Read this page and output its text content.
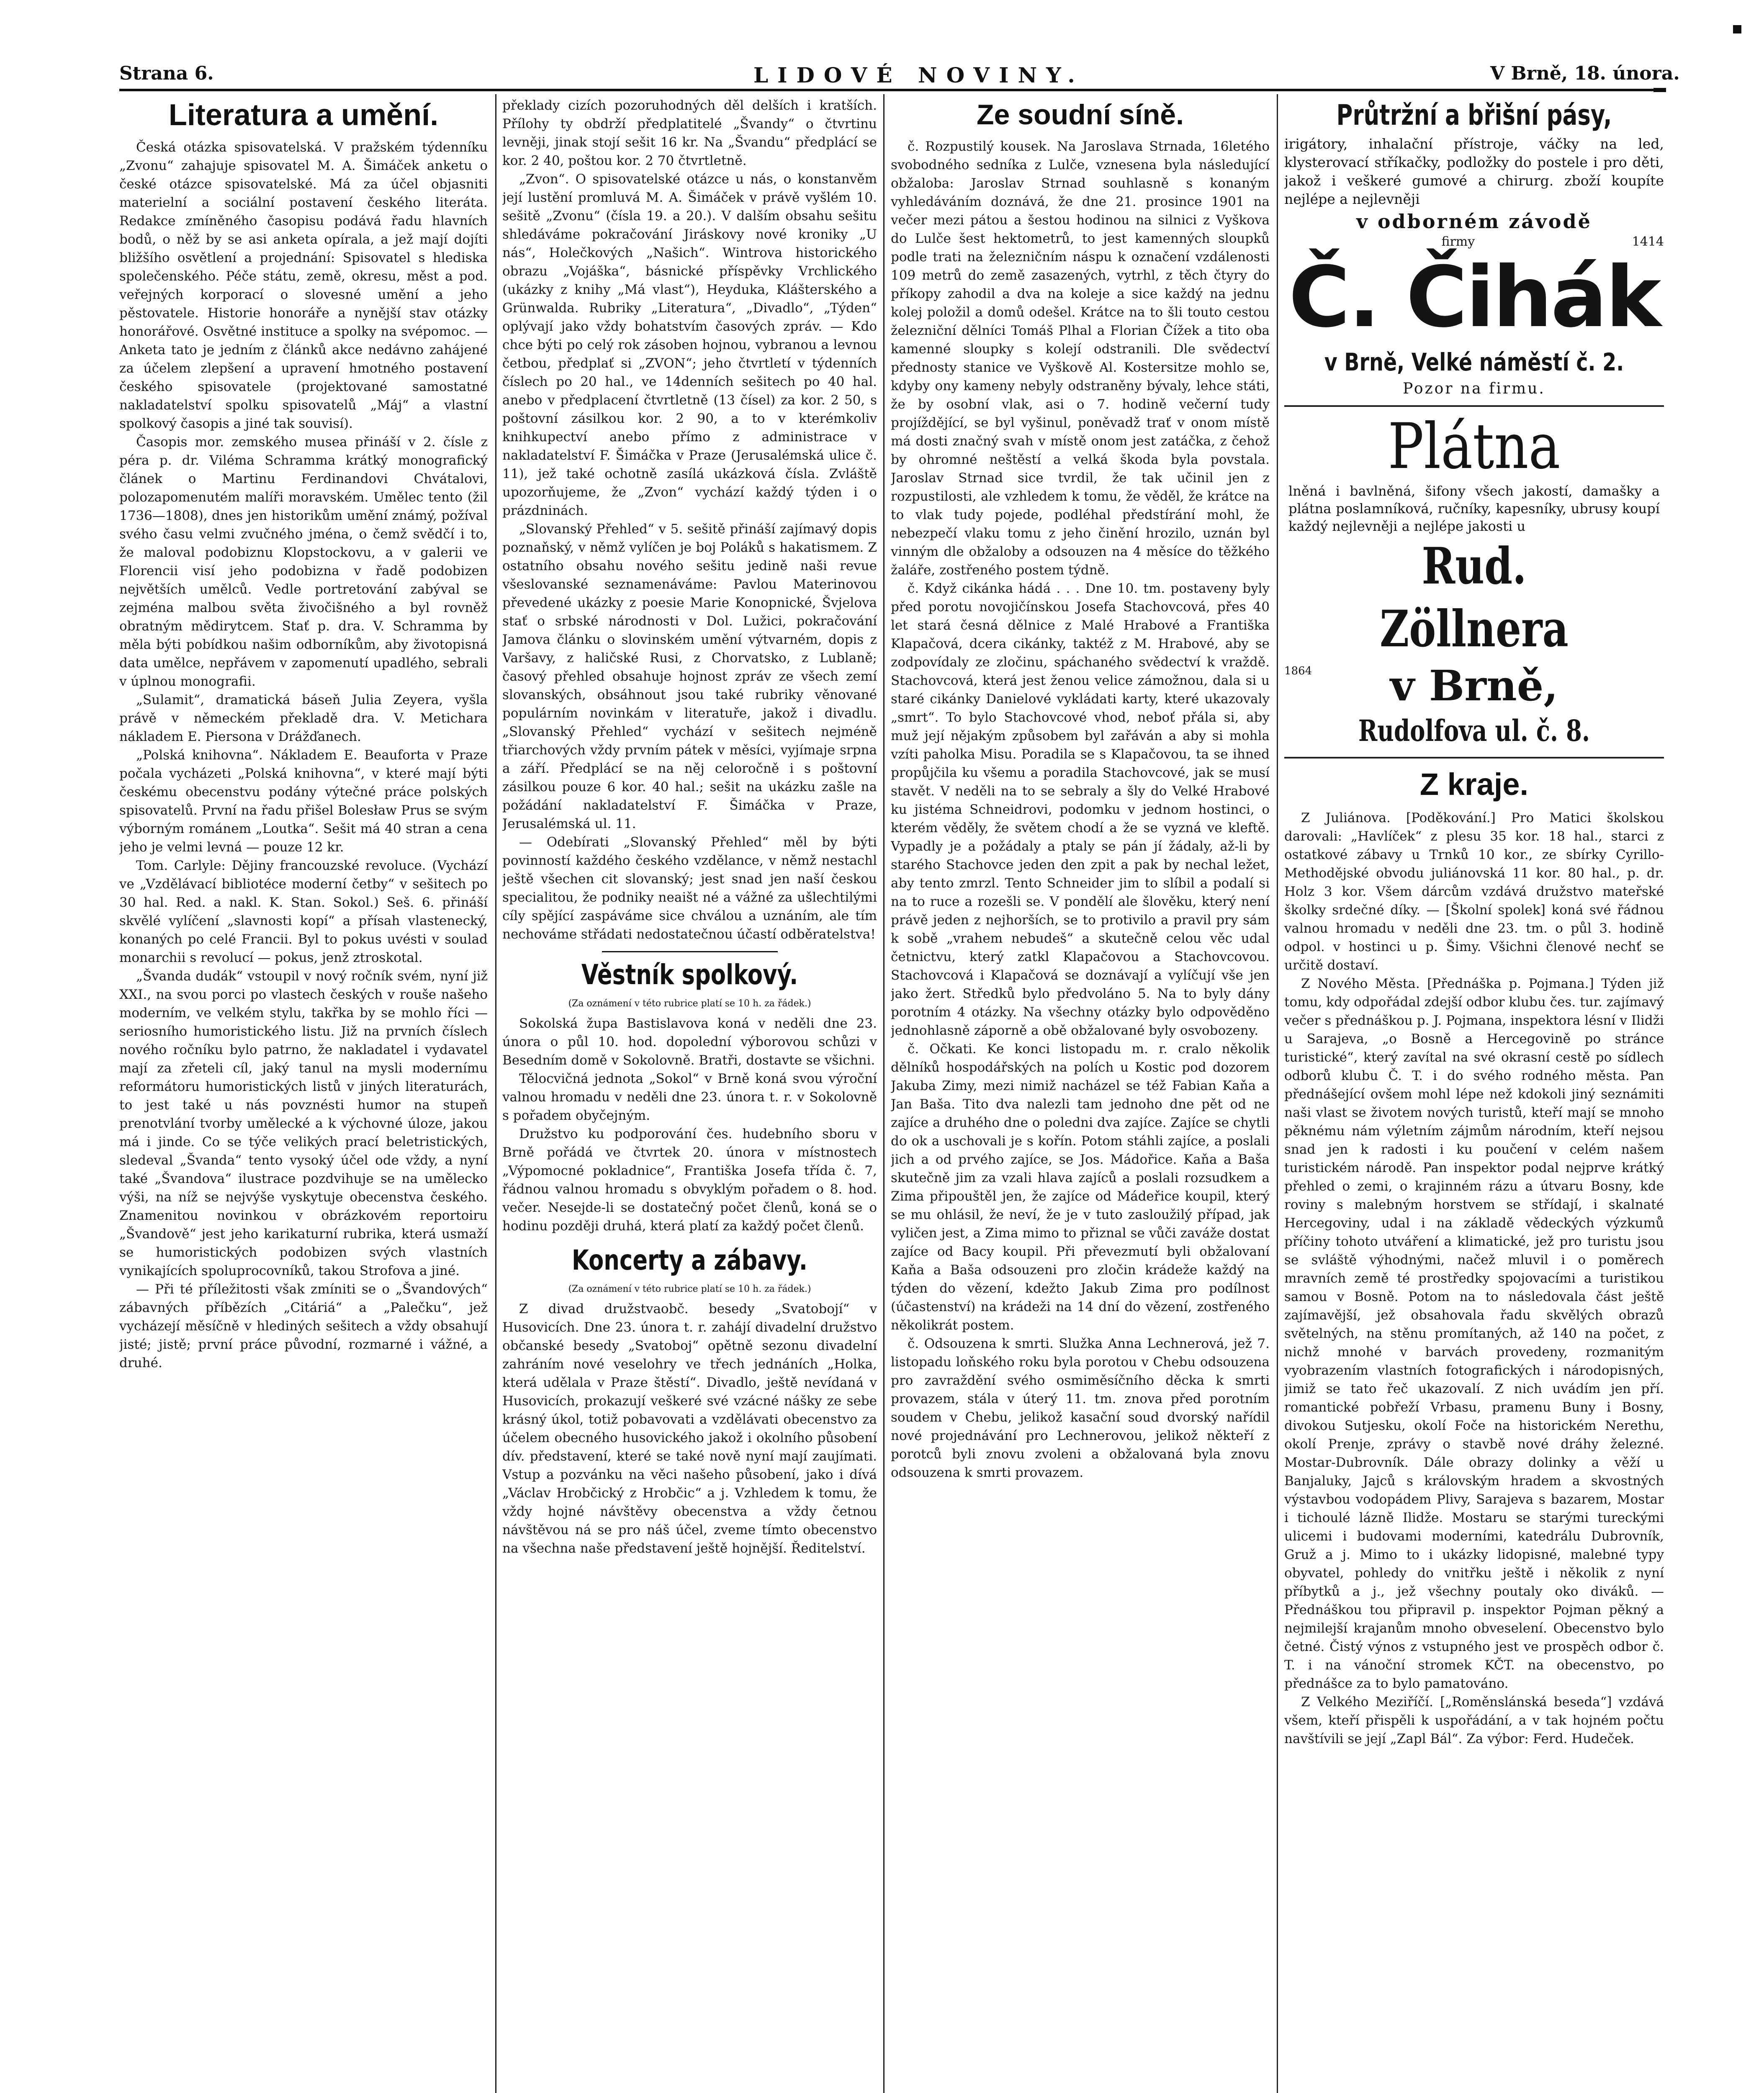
Strana 6.	LIDOVÉ NOVINY.	V Brně, 18. února.
Literatura a umění.

Česká otázka spisovatelská. V pražském týdenníku „Zvonu“ zahajuje spisovatel M. A. Šimáček anketu o české otázce spisovatelské. Má za účel objasniti materielní a sociální postavení českého literáta. Redakce zmíněného časopisu podává řadu hlavních bodů, o něž by se asi anketa opírala, a jež mají dojíti bližšího osvětlení a projednání: Spisovatel s hlediska společenského. Péče státu, země, okresu, měst a pod. veřejných korporací o slovesné umění a jeho pěstovatele. Historie honoráře a nynější stav otázky honorářové. Osvětné instituce a spolky na svépomoc. — Anketa tato je jedním z článků akce nedávno zahájené za účelem zlepšení a upravení hmotného postavení českého spisovatele (projektované samostatné nakladatelství spolku spisovatelů „Máj“ a vlastní spolkový časopis a jiné tak souvisí).

Časopis mor. zemského musea přináší v 2. čísle z péra p. dr. Viléma Schramma krátký monografický článek o Martinu Ferdinandovi Chvátalovi, polozapomenutém malíři moravském. Umělec tento (žil 1736—1808), dnes jen historikům umění známý, požíval svého času velmi zvučného jména, o čemž svědčí i to, že maloval podobiznu Klopstockovu, a v galerii ve Florencii visí jeho podobizna v řadě podobizen největších umělců. Vedle portretování zabýval se zejména malbou světa živočišného a byl rovněž obratným mědirytcem. Stať p. dra. V. Schramma by měla býti pobídkou našim odborníkům, aby životopisná data umělce, nepřávem v zapomenutí upadlého, sebrali v úplnou monografii.

„Sulamit“, dramatická báseň Julia Zeyera, vyšla právě v německém překladě dra. V. Metichara nákladem E. Piersona v Drážďanech.

„Polská knihovna“. Nákladem E. Beauforta v Praze počala vycházeti „Polská knihovna“, v které mají býti českému obecenstvu podány výtečné práce polských spisovatelů. První na řadu přišel Bolesław Prus se svým výborným románem „Loutka“. Sešit má 40 stran a cena jeho je velmi levná — pouze 12 kr.

Tom. Carlyle: Dějiny francouzské revoluce. (Vychází ve „Vzdělávací bibliotéce moderní četby“ v sešitech po 30 hal. Red. a nakl. K. Stan. Sokol.) Seš. 6. přináší skvělé vylíčení „slavnosti kopí“ a přísah vlastenecký, konaných po celé Francii. Byl to pokus uvésti v soulad monarchii s revolucí — pokus, jenž ztroskotal.

„Švanda dudák“ vstoupil v nový ročník svém, nyní již XXI., na svou porci po vlastech českých v rouše našeho moderním, ve velkém stylu, takřka by se mohlo říci — seriosního humoristického listu. Již na prvních číslech nového ročníku bylo patrno, že nakladatel i vydavatel mají za zřeteli cíl, jaký tanul na mysli modernímu reformátoru humoristických listů v jiných literaturách, to jest také u nás povznésti humor na stupeň prenotvlání tvorby umělecké a k výchovné úloze, jakou má i jinde. Co se týče velikých prací beletristických, sledeval „Švanda“ tento vysoký účel ode vždy, a nyní také „Švandova“ ilustrace pozdvihuje se na umělecko výši, na níž se nejvýše vyskytuje obecenstva českého. Znamenitou novinkou v obrázkovém reportoiru „Švandově“ jest jeho karikaturní rubrika, která usmaží se humoristických podobizen svých vlastních vynikajících spoluprocovníků, takou Strofova a jiné.

— Při té příležitosti však zmíniti se o „Švandových“ zábavných příbězích „Citáriá“ a „Palečku“, jež vycházejí měsíčně v hlediných sešitech a vždy obsahují jisté; jistě; první práce původní, rozmarné i vážné, a druhé.

překlady cizích pozoruhodných děl delších i kratších. Přílohy ty obdrží předplatitelé „Švandy“ o čtvrtinu levněji, jinak stojí sešit 16 kr. Na „Švandu“ předplácí se kor. 2 40, poštou kor. 2 70 čtvrtletně.

„Zvon“. O spisovatelské otázce u nás, o konstanvěm její lustění promluvá M. A. Šimáček v právě vyšlém 10. sešitě „Zvonu“ (čísla 19. a 20.). V dalším obsahu sešitu shledáváme pokračování Jiráskovy nové kroniky „U nás“, Holečkových „Našich“. Wintrova historického obrazu „Vojáška“, básnické příspěvky Vrchlického (ukázky z knihy „Má vlast“), Heyduka, Klášterského a Grünwalda. Rubriky „Literatura“, „Divadlo“, „Týden“ oplývají jako vždy bohatstvím časových zpráv. — Kdo chce býti po celý rok zásoben hojnou, vybranou a levnou četbou, předplať si „ZVON“; jeho čtvrtletí v týdenních číslech po 20 hal., ve 14denních sešitech po 40 hal. anebo v předplacení čtvrtletně (13 čísel) za kor. 2 50, s poštovní zásilkou kor. 2 90, a to v kterémkoliv knihkupectví anebo přímo z administrace v nakladatelství F. Šimáčka v Praze (Jerusalémská ulice č. 11), jež také ochotně zasílá ukázková čísla. Zvláště upozorňujeme, že „Zvon“ vychází každý týden i o prázdninách.

„Slovanský Přehled“ v 5. sešitě přináší zajímavý dopis poznaňský, v němž vylíčen je boj Poláků s hakatismem. Z ostatního obsahu nového sešitu jedině naši revue všeslovanské seznamenáváme: Pavlou Materinovou převedené ukázky z poesie Marie Konopnické, Švjelova stať o srbské národnosti v Dol. Lužici, pokračování Jamova článku o slovinském umění výtvarném, dopis z Varšavy, z haličské Rusi, z Chorvatsko, z Lublaně; časový přehled obsahuje hojnost zpráv ze všech zemí slovanských, obsáhnout jsou také rubriky věnované populárním novinkám v literatuře, jakož i divadlu. „Slovanský Přehled“ vychází v sešitech nejméně třiarchových vždy prvním pátek v měsíci, vyjímaje srpna a září. Předplácí se na něj celoročně i s poštovní zásilkou pouze 6 kor. 40 hal.; sešit na ukázku zašle na požádání nakladatelství F. Šimáčka v Praze, Jerusalémská ul. 11.

— Odebírati „Slovanský Přehled“ měl by býti povinností každého českého vzdělance, v němž nestachl ještě všechen cit slovanský; jest snad jen naší českou specialitou, že podniky neaišt né a vážné za ušlechtilými cíly spějící zaspáváme sice chválou a uznáním, ale tím nechováme střádati nedostatečnou účastí odběratelstva!

Věstník spolkový.
(Za oznámení v této rubrice platí se 10 h. za řádek.)

Sokolská župa Bastislavova koná v neděli dne 23. února o půl 10. hod. dopolední výborovou schůzi v Besedním domě v Sokolovně. Bratři, dostavte se všichni.

Tělocvičná jednota „Sokol“ v Brně koná svou výroční valnou hromadu v neděli dne 23. února t. r. v Sokolovně s pořadem obyčejným.

Družstvo ku podporování čes. hudebního sboru v Brně pořádá ve čtvrtek 20. února v místnostech „Výpomocné pokladnice“, Františka Josefa třída č. 7, řádnou valnou hromadu s obvyklým pořadem o 8. hod. večer. Nesejde-li se dostatečný počet členů, koná se o hodinu později druhá, která platí za každý počet členů.

Koncerty a zábavy.
(Za oznámení v této rubrice platí se 10 h. za řádek.)

Z divad družstvaobč. besedy „Svatobojí“ v Husovicích. Dne 23. února t. r. zahájí divadelní družstvo občanské besedy „Svatoboj“ opětně sezonu divadelní zahráním nové veselohry ve třech jednáních „Holka, která udělala v Praze štěstí“. Divadlo, ještě nevídaná v Husovicích, prokazují veškeré své vzácné nášky ze sebe krásný úkol, totiž pobavovati a vzdělávati obecenstvo za účelem obecného husovického jakož i okolního působení dív. představení, které se také nově nyní mají zaujímati. Vstup a pozvánku na věci našeho působení, jako i dívá „Václav Hrobčický z Hrobčic“ a j. Vzhledem k tomu, že vždy hojné návštěvy obecenstva a vždy četnou návštěvou ná se pro náš účel, zveme tímto obecenstvo na všechna naše představení ještě hojnější. Ředitelství.

Ze soudní síně.

č. Rozpustilý kousek. Na Jaroslava Strnada, 16letého svobodného sedníka z Lulče, vznesena byla následující obžaloba: Jaroslav Strnad souhlasně s konaným vyhledáváním doznává, že dne 21. prosince 1901 na večer mezi pátou a šestou hodinou na silnici z Vyškova do Lulče šest hektometrů, to jest kamenných sloupků podle trati na železničním náspu k označení vzdálenosti 109 metrů do země zasazených, vytrhl, z těch čtyry do příkopy zahodil a dva na koleje a sice každý na jednu kolej položil a domů odešel. Krátce na to šli touto cestou železniční dělníci Tomáš Plhal a Florian Čížek a tito oba kamenné sloupky s kolejí odstranili. Dle svědectví přednosty stanice ve Vyškově Al. Kostersitze mohlo se, kdyby ony kameny nebyly odstraněny bývaly, lehce státi, že by osobní vlak, asi o 7. hodině večerní tudy projíždějící, se byl vyšinul, poněvadž trať v onom místě má dosti značný svah v místě onom jest zatáčka, z čehož by ohromné neštěstí a velká škoda byla povstala. Jaroslav Strnad sice tvrdil, že tak učinil jen z rozpustilosti, ale vzhledem k tomu, že věděl, že krátce na to vlak tudy pojede, podléhal předstírání mohl, že nebezpečí vlaku tomu z jeho činění hrozilo, uznán byl vinným dle obžaloby a odsouzen na 4 měsíce do těžkého žaláře, zostřeného postem týdně.

č. Když cikánka hádá . . . Dne 10. tm. postaveny byly před porotu novojičínskou Josefa Stachovcová, přes 40 let stará česná dělnice z Malé Hrabové a Františka Klapačová, dcera cikánky, taktéž z M. Hrabové, aby se zodpovídaly ze zločinu, spáchaného svědectví k vraždě. Stachovcová, která jest ženou velice zámožnou, dala si u staré cikánky Danielové vykládati karty, které ukazovaly „smrt“. To bylo Stachovcové vhod, neboť přála si, aby muž její nějakým způsobem byl zařáván a aby si mohla vzíti paholka Misu. Poradila se s Klapačovou, ta se ihned propůjčila ku všemu a poradila Stachovcové, jak se musí stavět. V neděli na to se sebraly a šly do Velké Hrabové ku jistéma Schneidrovi, podomku v jednom hostinci, o kterém věděly, že světem chodí a že se vyzná ve kleftě. Vypadly je a požádaly a ptaly se pán jí žádaly, až-li by starého Stachovce jeden den zpit a pak by nechal ležet, aby tento zmrzl. Tento Schneider jim to slíbil a podalí si na to ruce a rozešli se. V pondělí ale šlověku, který není právě jeden z nejhorších, se to protivilo a pravil pry sám k sobě „vrahem nebudeš“ a skutečně celou věc udal četnictvu, který zatkl Klapačovou a Stachovcovou. Stachovcová i Klapačová se doznávají a vylíčují vše jen jako žert. Středků bylo předvoláno 5. Na to byly dány porotním 4 otázky. Na všechny otázky bylo odpověděno jednohlasně záporně a obě obžalované byly osvobozeny.

č. Očkati. Ke konci listopadu m. r. cralo několik dělníků hospodářských na polích u Kostic pod dozorem Jakuba Zimy, mezi nimiž nacházel se též Fabian Kaňa a Jan Baša. Tito dva nalezli tam jednoho dne pět od ne zajíce a druhého dne o poledni dva zajíce. Zajíce se chytli do ok a uschovali je s kořín. Potom stáhli zajíce, a poslali jich a od prvého zajíce, se Jos. Mádořice. Kaňa a Baša skutečně jim za vzali hlava zajíců a poslali rozsudkem a Zima připouštěl jen, že zajíce od Mádeřice koupil, který se mu ohlásil, že neví, že je v tuto zasloužilý případ, jak vyličen jest, a Zima mimo to přiznal se vůči zaváže dostat zajíce od Bacy koupil. Při převezmutí byli obžalovaní Kaňa a Baša odsouzeni pro zločin krádeže každý na týden do vězení, kdežto Jakub Zima pro podílnost (účastenství) na krádeži na 14 dní do vězení, zostřeného několikrát postem.

č. Odsouzena k smrti. Služka Anna Lechnerová, jež 7. listopadu loňského roku byla porotou v Chebu odsouzena pro zavraždění svého osmiměsíčního děcka k smrti provazem, stála v úterý 11. tm. znova před porotním soudem v Chebu, jelikož kasační soud dvorský nařídil nové projednávání pro Lechnerovou, jelikož někteří z porotců byli znovu zvoleni a obžalovaná byla znovu odsouzena k smrti provazem.

Průtržní a břišní pásy,
irigátory, inhalační přístroje, váčky na led, klysterovací stříkačky, podložky do postele i pro děti, jakož i veškeré gumové a chirurg. zboží koupíte nejlépe a nejlevněji
v odborném závodě
firmy	1414
Č. Čihák
v Brně, Velké náměstí č. 2.
Pozor na firmu.
Plátna
lněná i bavlněná, šifony všech jakostí, damašky a plátna poslamníková, ručníky, kapesníky, ubrusy koupí každý nejlevněji a nejlépe jakosti u
Rud. Zöllnera
1864	v Brně,
Rudolfova ul. č. 8.
Z kraje.

Z Juliánova. [Poděkování.] Pro Matici školskou darovali: „Havlíček“ z plesu 35 kor. 18 hal., starci z ostatkové zábavy u Trnků 10 kor., ze sbírky Cyrillo-Methodějské obvodu juliánovská 11 kor. 80 hal., p. dr. Holz 3 kor. Všem dárcům vzdává družstvo mateřské školky srdečné díky. — [Školní spolek] koná své řádnou valnou hromadu v neděli dne 23. tm. o půl 3. hodině odpol. v hostinci u p. Šimy. Všichni členové nechť se určitě dostaví.

Z Nového Města. [Přednáška p. Pojmana.] Týden již tomu, kdy odpořádal zdejší odbor klubu čes. tur. zajímavý večer s přednáškou p. J. Pojmana, inspektora lésní v Ilidži u Sarajeva, „o Bosně a Hercegovině po stránce turistické“, který zavítal na své okrasní cestě po sídlech odborů klubu Č. T. i do svého rodného města. Pan přednášející ovšem mohl lépe než kdokoli jiný seznámiti naši vlast se životem nových turistů, kteří mají se mnoho pěknému nám výletním zájmům národním, kteří nejsou snad jen k radosti i ku poučení v celém našem turistickém národě. Pan inspektor podal nejprve krátký přehled o zemi, o krajinném rázu a útvaru Bosny, kde roviny s malebným horstvem se střídají, i skalnaté Hercegoviny, udal i na základě vědeckých výzkumů příčiny tohoto utváření a klimatické, jež pro turistu jsou se svláště výhodnými, načež mluvil i o poměrech mravních země té prostředky spojovacími a turistikou samou v Bosně. Potom na to následovala část ještě zajímavější, jež obsahovala řadu skvělých obrazů světelných, na stěnu promítaných, až 140 na počet, z nichž mnohé v barvách provedeny, rozmanitým vyobrazením vlastních fotografických i národopisných, jimiž se tato řeč ukazovalí. Z nich uvádím jen pří. romantické pobřeží Vrbasu, pramenu Buny i Bosny, divokou Sutjesku, okolí Foče na historickém Nerethu, okolí Prenje, zprávy o stavbě nové dráhy železné. Mostar-Dubrovník. Dále obrazy dolinky a věží u Banjaluky, Jajců s královským hradem a skvostných výstavbou vodopádem Plivy, Sarajeva s bazarem, Mostar i tichoulé lázně Ilidže. Mostaru se starými tureckými ulicemi i budovami moderními, katedrálu Dubrovník, Gruž a j. Mimo to i ukázky lidopisné, malebné typy obyvatel, pohledy do vnitřku ještě i několik z nyní příbytků a j., jež všechny poutaly oko diváků. — Přednáškou tou připravil p. inspektor Pojman pěkný a nejmilejší krajanům mnoho obveselení. Obecenstvo bylo četné. Čistý výnos z vstupného jest ve prospěch odbor č. T. i na vánoční stromek KČT. na obecenstvo, po přednášce za to bylo pamatováno.

Z Velkého Meziříčí. [„Roměnslánská beseda“] vzdává všem, kteří přispěli k uspořádání, a v tak hojném počtu navštívili se její „Zapl Bál“. Za výbor: Ferd. Hudeček.
